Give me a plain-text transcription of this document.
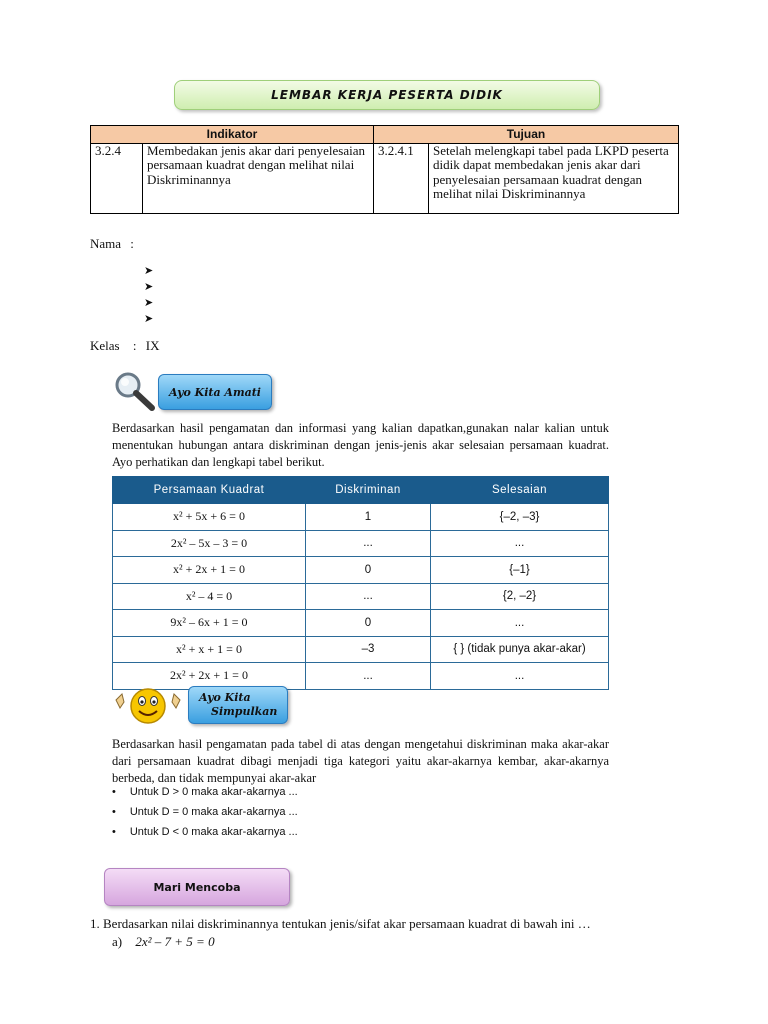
LEMBAR KERJA PESERTA DIDIK
Indikator		Tujuan	
3.2.4	Membedakan jenis akar dari penyelesaian persamaan kuadrat dengan melihat nilai Diskriminannya	3.2.4.1	Setelah melengkapi tabel pada LKPD peserta didik dapat membedakan jenis akar dari penyelesaian persamaan kuadrat dengan melihat nilai Diskriminannya
Nama :
➤
➤
➤
➤
Kelas : IX
Ayo Kita Amati
Berdasarkan hasil pengamatan dan informasi yang kalian dapatkan,gunakan nalar kalian untuk menentukan hubungan antara diskriminan dengan jenis-jenis akar selesaian persamaan kuadrat. Ayo perhatikan dan lengkapi tabel berikut.
Persamaan Kuadrat	Diskriminan	Selesaian
x² + 5x + 6 = 0	1	{–2, –3}
2x² – 5x – 3 = 0	...	...
x² + 2x + 1 = 0	0	{–1}
x² – 4 = 0	...	{2, –2}
9x² – 6x + 1 = 0	0	...
x² + x + 1 = 0	–3	{ } (tidak punya akar-akar)
2x² + 2x + 1 = 0	...	...
Ayo Kita
Simpulkan
Berdasarkan hasil pengamatan pada tabel di atas dengan mengetahui diskriminan maka akar-akar dari persamaan kuadrat dibagi menjadi tiga kategori yaitu akar-akarnya kembar, akar-akarnya berbeda, dan tidak mempunyai akar-akar
• Untuk D > 0 maka akar-akarnya ...
• Untuk D = 0 maka akar-akarnya ...
• Untuk D < 0 maka akar-akarnya ...
Mari Mencoba
1. Berdasarkan nilai diskriminannya tentukan jenis/sifat akar persamaan kuadrat di bawah ini …
a) 2x² – 7 + 5 = 0
